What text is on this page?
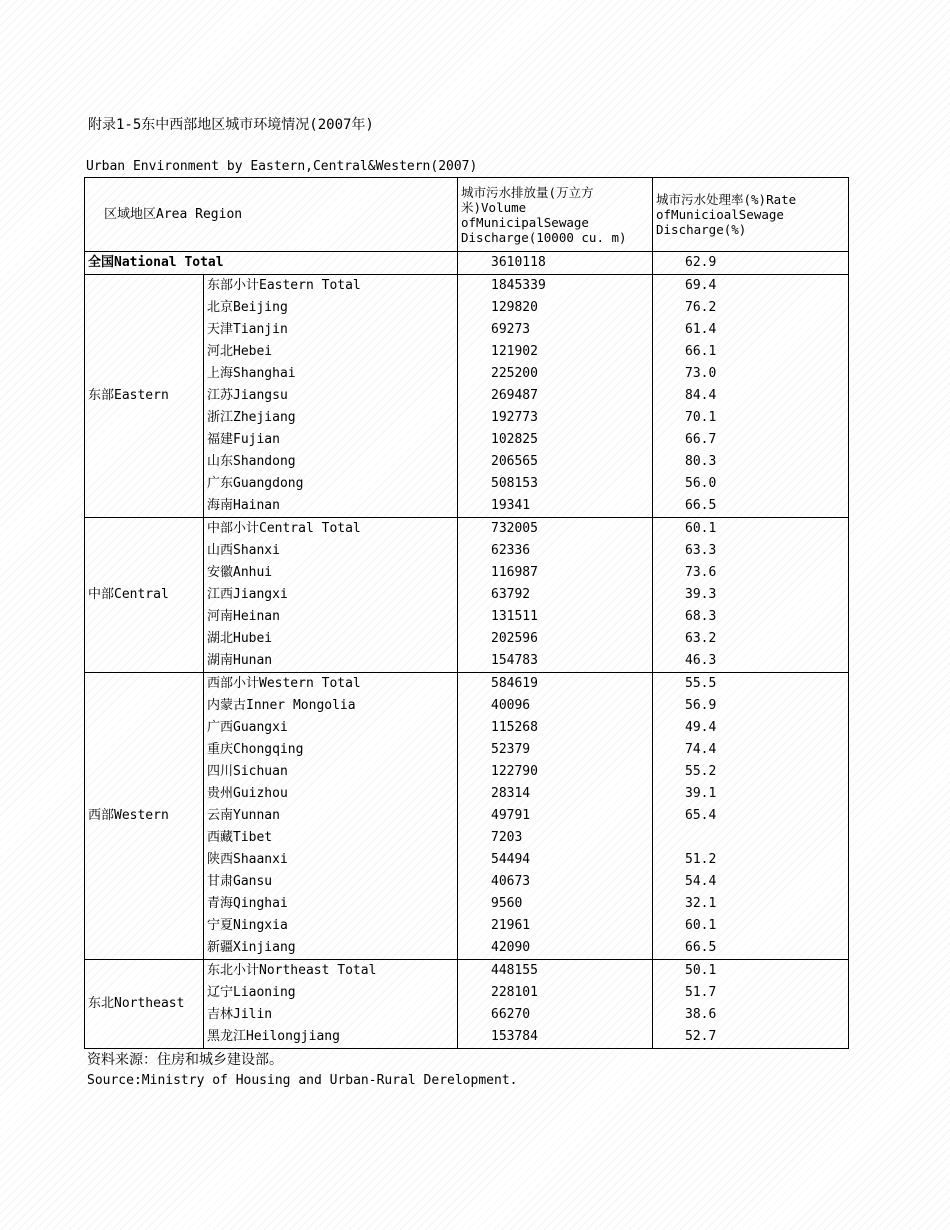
附录1-5东中西部地区城市环境情况(2007年)
Urban Environment by Eastern,Central&Western(2007)
区域地区Area Region		城市污水排放量(万立方米)Volume ofMunicipalSewage Discharge(10000 cu. m)	城市污水处理率(%)Rate ofMunicioalSewage Discharge(%)

全国National Total		3610118	62.9
东部Eastern	东部小计Eastern Total	1845339	69.4
	北京Beijing	129820	76.2
	天津Tianjin	69273	61.4
	河北Hebei	121902	66.1
	上海Shanghai	225200	73.0
	江苏Jiangsu	269487	84.4
	浙江Zhejiang	192773	70.1
	福建Fujian	102825	66.7
	山东Shandong	206565	80.3
	广东Guangdong	508153	56.0
	海南Hainan	19341	66.5
中部Central	中部小计Central Total	732005	60.1
	山西Shanxi	62336	63.3
	安徽Anhui	116987	73.6
	江西Jiangxi	63792	39.3
	河南Heinan	131511	68.3
	湖北Hubei	202596	63.2
	湖南Hunan	154783	46.3
西部Western	西部小计Western Total	584619	55.5
	内蒙古Inner Mongolia	40096	56.9
	广西Guangxi	115268	49.4
	重庆Chongqing	52379	74.4
	四川Sichuan	122790	55.2
	贵州Guizhou	28314	39.1
	云南Yunnan	49791	65.4
	西藏Tibet	7203	
	陕西Shaanxi	54494	51.2
	甘肃Gansu	40673	54.4
	青海Qinghai	9560	32.1
	宁夏Ningxia	21961	60.1
	新疆Xinjiang	42090	66.5
东北Northeast	东北小计Northeast Total	448155	50.1
	辽宁Liaoning	228101	51.7
	吉林Jilin	66270	38.6
	黑龙江Heilongjiang	153784	52.7
资料来源：住房和城乡建设部。
Source:Ministry of Housing and Urban-Rural Derelopment.
